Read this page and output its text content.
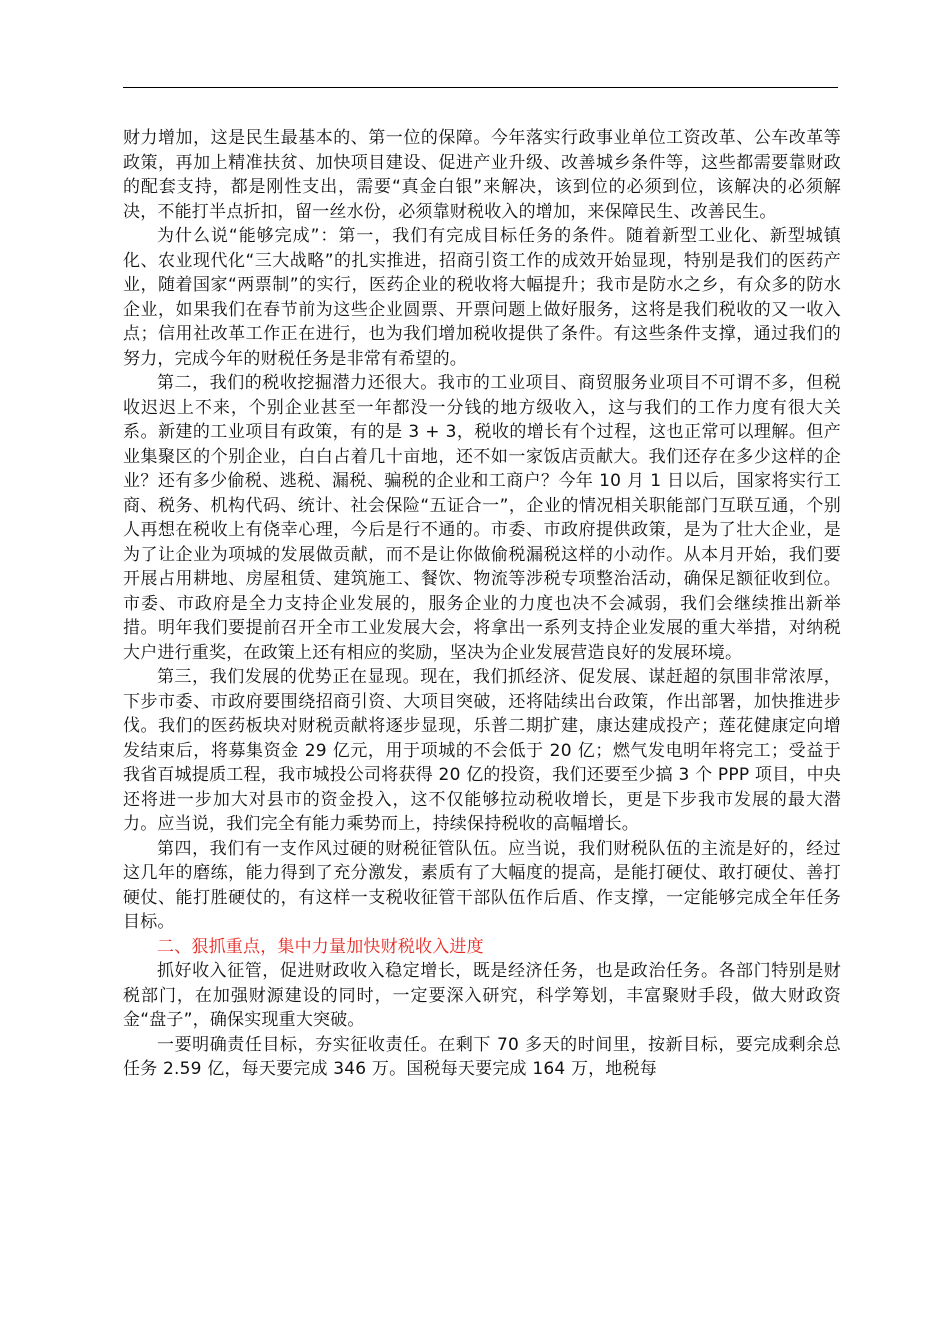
财力增加，这是民生最基本的、第一位的保障。今年落实行政事业单位工资改革、公车改革等政策，再加上精准扶贫、加快项目建设、促进产业升级、改善城乡条件等，这些都需要靠财政的配套支持，都是刚性支出，需要“真金白银”来解决，该到位的必须到位，该解决的必须解决，不能打半点折扣，留一丝水份，必须靠财税收入的增加，来保障民生、改善民生。

为什么说“能够完成”：第一，我们有完成目标任务的条件。随着新型工业化、新型城镇化、农业现代化“三大战略”的扎实推进，招商引资工作的成效开始显现，特别是我们的医药产业，随着国家“两票制”的实行，医药企业的税收将大幅提升；我市是防水之乡，有众多的防水企业，如果我们在春节前为这些企业圆票、开票问题上做好服务，这将是我们税收的又一收入点；信用社改革工作正在进行，也为我们增加税收提供了条件。有这些条件支撑，通过我们的努力，完成今年的财税任务是非常有希望的。

第二，我们的税收挖掘潜力还很大。我市的工业项目、商贸服务业项目不可谓不多，但税收迟迟上不来，个别企业甚至一年都没一分钱的地方级收入，这与我们的工作力度有很大关系。新建的工业项目有政策，有的是 3 + 3，税收的增长有个过程，这也正常可以理解。但产业集聚区的个别企业，白白占着几十亩地，还不如一家饭店贡献大。我们还存在多少这样的企业？还有多少偷税、逃税、漏税、骗税的企业和工商户？今年 10 月 1 日以后，国家将实行工商、税务、机构代码、统计、社会保险“五证合一”，企业的情况相关职能部门互联互通，个别人再想在税收上有侥幸心理，今后是行不通的。市委、市政府提供政策，是为了壮大企业，是为了让企业为项城的发展做贡献，而不是让你做偷税漏税这样的小动作。从本月开始，我们要开展占用耕地、房屋租赁、建筑施工、餐饮、物流等涉税专项整治活动，确保足额征收到位。市委、市政府是全力支持企业发展的，服务企业的力度也决不会减弱，我们会继续推出新举措。明年我们要提前召开全市工业发展大会，将拿出一系列支持企业发展的重大举措，对纳税大户进行重奖，在政策上还有相应的奖励，坚决为企业发展营造良好的发展环境。

第三，我们发展的优势正在显现。现在，我们抓经济、促发展、谋赶超的氛围非常浓厚，下步市委、市政府要围绕招商引资、大项目突破，还将陆续出台政策，作出部署，加快推进步伐。我们的医药板块对财税贡献将逐步显现，乐普二期扩建，康达建成投产；莲花健康定向增发结束后，将募集资金 29 亿元，用于项城的不会低于 20 亿；燃气发电明年将完工；受益于我省百城提质工程，我市城投公司将获得 20 亿的投资，我们还要至少搞 3 个 PPP 项目，中央还将进一步加大对县市的资金投入，这不仅能够拉动税收增长，更是下步我市发展的最大潜力。应当说，我们完全有能力乘势而上，持续保持税收的高幅增长。

第四，我们有一支作风过硬的财税征管队伍。应当说，我们财税队伍的主流是好的，经过这几年的磨练，能力得到了充分激发，素质有了大幅度的提高，是能打硬仗、敢打硬仗、善打硬仗、能打胜硬仗的，有这样一支税收征管干部队伍作后盾、作支撑，一定能够完成全年任务目标。

二、狠抓重点，集中力量加快财税收入进度

抓好收入征管，促进财政收入稳定增长，既是经济任务，也是政治任务。各部门特别是财税部门，在加强财源建设的同时，一定要深入研究，科学筹划，丰富聚财手段，做大财政资金“盘子”，确保实现重大突破。

一要明确责任目标，夯实征收责任。在剩下 70 多天的时间里，按新目标，要完成剩余总任务 2.59 亿，每天要完成 346 万。国税每天要完成 164 万，地税每
